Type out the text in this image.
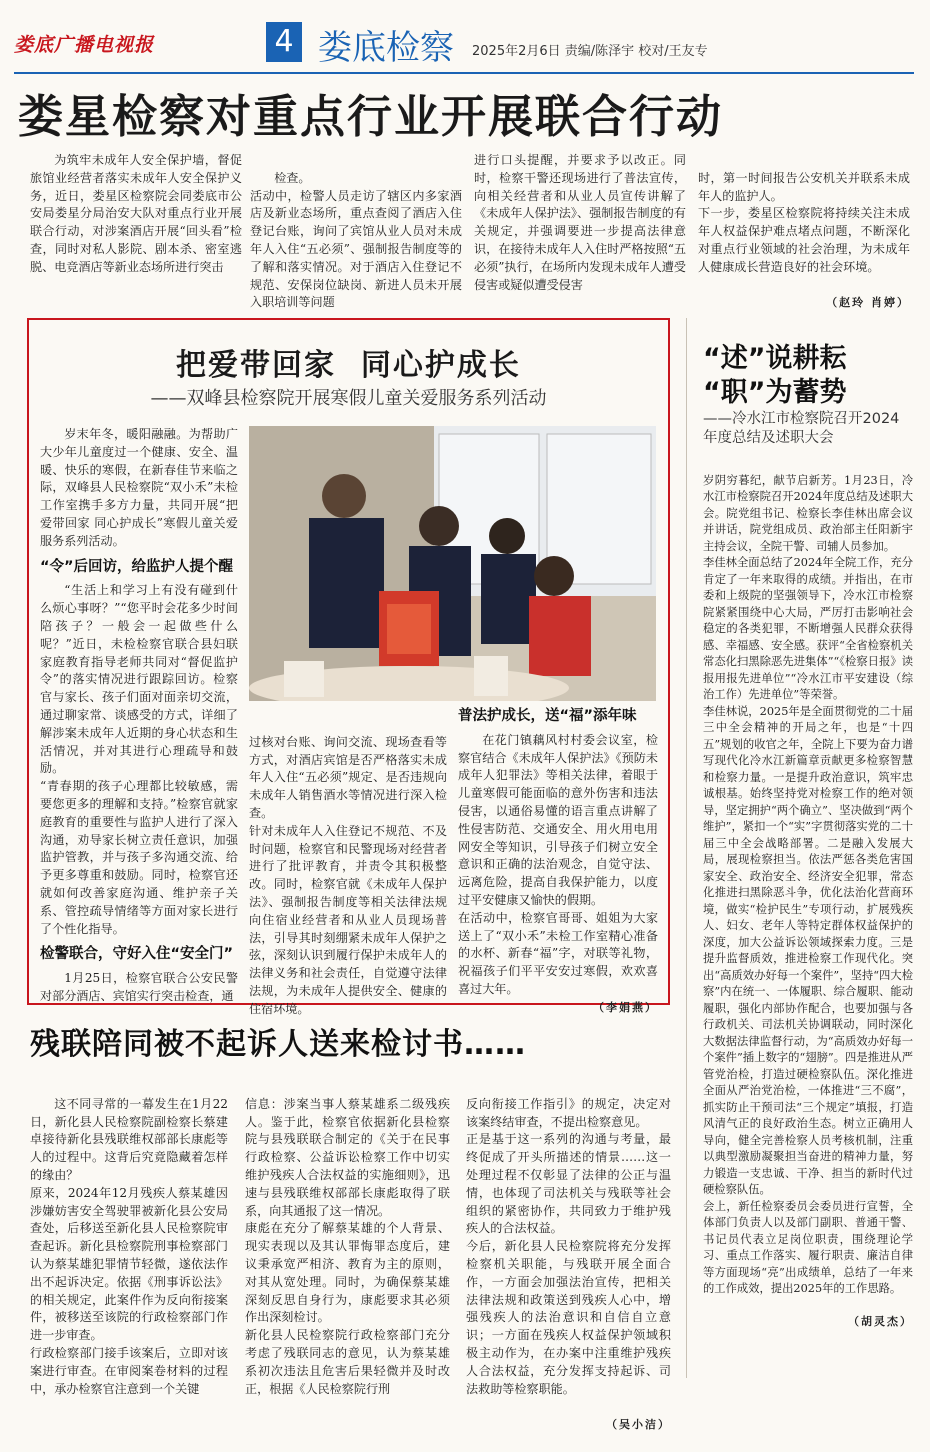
娄底广播电视报	4 娄底检察 2025年2月6日 责编/陈泽宇 校对/王友专
娄星检察对重点行业开展联合行动

为筑牢未成年人安全保护墙，督促旅馆业经营者落实未成年人安全保护义务，近日，娄星区检察院会同娄底市公安局娄星分局治安大队对重点行业开展联合行动，对涉案酒店开展“回头看”检查，同时对私人影院、剧本杀、密室逃脱、电竞酒店等新业态场所进行突击

检查。
活动中，检警人员走访了辖区内多家酒店及新业态场所，重点查阅了酒店入住登记台账，询问了宾馆从业人员对未成年人入住“五必须”、强制报告制度等的了解和落实情况。对于酒店入住登记不规范、安保岗位缺岗、新进人员未开展入职培训等问题

进行口头提醒，并要求予以改正。同时，检察干警还现场进行了普法宣传，向相关经营者和从业人员宣传讲解了《未成年人保护法》、强制报告制度的有关规定，并强调要进一步提高法律意识，在接待未成年人入住时严格按照“五必须”执行，在场所内发现未成年人遭受侵害或疑似遭受侵害

时，第一时间报告公安机关并联系未成年人的监护人。
下一步，娄星区检察院将持续关注未成年人权益保护难点堵点问题，不断深化对重点行业领域的社会治理，为未成年人健康成长营造良好的社会环境。

（赵玲 肖婷）

把爱带回家  同心护成长
——双峰县检察院开展寒假儿童关爱服务系列活动

岁末年冬，暖阳融融。为帮助广大少年儿童度过一个健康、安全、温暖、快乐的寒假，在新春佳节来临之际，双峰县人民检察院“双小禾”未检工作室携手多方力量，共同开展“把爱带回家 同心护成长”寒假儿童关爱服务系列活动。

“令”后回访，给监护人提个醒

“生活上和学习上有没有碰到什么烦心事呀？”“您平时会花多少时间陪孩子？一般会一起做些什么呢？”近日，未检检察官联合县妇联家庭教育指导老师共同对“督促监护令”的落实情况进行跟踪回访。检察官与家长、孩子们面对面亲切交流，通过聊家常、谈感受的方式，详细了解涉案未成年人近期的身心状态和生活情况，并对其进行心理疏导和鼓励。
“青春期的孩子心理都比较敏感，需要您更多的理解和支持。”检察官就家庭教育的重要性与监护人进行了深入沟通，劝导家长树立责任意识，加强监护管教，并与孩子多沟通交流、给予更多尊重和鼓励。同时，检察官还就如何改善家庭沟通、维护亲子关系、管控疏导情绪等方面对家长进行了个性化指导。

检警联合，守好入住“安全门”

1月25日，检察官联合公安民警对部分酒店、宾馆实行突击检查，通

过核对台账、询问交流、现场查看等方式，对酒店宾馆是否严格落实未成年人入住“五必须”规定、是否违规向未成年人销售酒水等情况进行深入检查。
针对未成年人入住登记不规范、不及时问题，检察官和民警现场对经营者进行了批评教育，并责令其积极整改。同时，检察官就《未成年人保护法》、强制报告制度等相关法律法规向住宿业经营者和从业人员现场普法，引导其时刻绷紧未成年人保护之弦，深刻认识到履行保护未成年人的法律义务和社会责任，自觉遵守法律法规，为未成年人提供安全、健康的住宿环境。

普法护成长，送“福”添年味

在花门镇藕风村村委会议室，检察官结合《未成年人保护法》《预防未成年人犯罪法》等相关法律，着眼于儿童寒假可能面临的意外伤害和违法侵害，以通俗易懂的语言重点讲解了性侵害防范、交通安全、用火用电用网安全等知识，引导孩子们树立安全意识和正确的法治观念，自觉守法、远离危险，提高自我保护能力，以度过平安健康又愉快的假期。
在活动中，检察官哥哥、姐姐为大家送上了“双小禾”未检工作室精心准备的水杯、新春“福”字，对联等礼物，祝福孩子们平平安安过寒假，欢欢喜喜过大年。

（李娟燕）
残联陪同被不起诉人送来检讨书……

这不同寻常的一幕发生在1月22日，新化县人民检察院副检察长蔡建卓接待新化县残联维权部部长康彪等人的过程中。这背后究竟隐藏着怎样的缘由？
原来，2024年12月残疾人蔡某雄因涉嫌妨害安全驾驶罪被新化县公安局查处，后移送至新化县人民检察院审查起诉。新化县检察院刑事检察部门认为蔡某雄犯罪情节轻微，遂依法作出不起诉决定。依据《刑事诉讼法》的相关规定，此案件作为反向衔接案件，被移送至该院的行政检察部门作进一步审查。
行政检察部门接手该案后，立即对该案进行审查。在审阅案卷材料的过程中，承办检察官注意到一个关键

信息：涉案当事人蔡某雄系二级残疾人。鉴于此，检察官依据新化县检察院与县残联联合制定的《关于在民事行政检察、公益诉讼检察工作中切实维护残疾人合法权益的实施细则》，迅速与县残联维权部部长康彪取得了联系，向其通报了这一情况。
康彪在充分了解蔡某雄的个人背景、现实表现以及其认罪悔罪态度后，建议秉承宽严相济、教育为主的原则，对其从宽处理。同时，为确保蔡某雄深刻反思自身行为，康彪要求其必须作出深刻检讨。
新化县人民检察院行政检察部门充分考虑了残联同志的意见，认为蔡某雄系初次违法且危害后果轻微并及时改正，根据《人民检察院行刑

反向衔接工作指引》的规定，决定对该案终结审查，不提出检察意见。
正是基于这一系列的沟通与考量，最终促成了开头所描述的情景……这一处理过程不仅彰显了法律的公正与温情，也体现了司法机关与残联等社会组织的紧密协作，共同致力于维护残疾人的合法权益。
今后，新化县人民检察院将充分发挥检察机关职能，与残联开展全面合作，一方面会加强法治宣传，把相关法律法规和政策送到残疾人心中，增强残疾人的法治意识和自信自立意识；一方面在残疾人权益保护领域积极主动作为，在办案中注重维护残疾人合法权益，充分发挥支持起诉、司法救助等检察职能。

（吴小洁）

“述”说耕耘
“职”为蓄势
——冷水江市检察院召开2024年度总结及述职大会

岁阴穷暮纪，献节启新芳。1月23日，冷水江市检察院召开2024年度总结及述职大会。院党组书记、检察长李佳林出席会议并讲话，院党组成员、政治部主任阳新宇主持会议，全院干警、司辅人员参加。
李佳林全面总结了2024年全院工作，充分肯定了一年来取得的成绩。并指出，在市委和上级院的坚强领导下，冷水江市检察院紧紧围绕中心大局，严厉打击影响社会稳定的各类犯罪，不断增强人民群众获得感、幸福感、安全感。获评“全省检察机关常态化扫黑除恶先进集体”“《检察日报》读报用报先进单位”“冷水江市平安建设（综治工作）先进单位”等荣誉。
李佳林说，2025年是全面贯彻党的二十届三中全会精神的开局之年，也是“十四五”规划的收官之年，全院上下要为奋力谱写现代化冷水江新篇章贡献更多检察智慧和检察力量。一是提升政治意识，筑牢忠诚根基。始终坚持党对检察工作的绝对领导，坚定拥护“两个确立”、坚决做到“两个维护”，紧扣一个“实”字贯彻落实党的二十届三中全会战略部署。二是融入发展大局，展现检察担当。依法严惩各类危害国家安全、政治安全、经济安全犯罪，常态化推进扫黑除恶斗争，优化法治化营商环境，做实“检护民生”专项行动，扩展残疾人、妇女、老年人等特定群体权益保护的深度，加大公益诉讼领域探索力度。三是提升监督质效，推进检察工作现代化。突出“高质效办好每一个案件”，坚持“四大检察”内在统一、一体履职、综合履职、能动履职，强化内部协作配合，也要加强与各行政机关、司法机关协调联动，同时深化大数据法律监督行动，为“高质效办好每一个案件”插上数字的“翅膀”。四是推进从严管党治检，打造过硬检察队伍。深化推进全面从严治党治检，一体推进“三不腐”，抓实防止干预司法“三个规定”填报，打造风清气正的良好政治生态。树立正确用人导向，健全完善检察人员考核机制，注重以典型激励凝聚担当奋进的精神力量，努力锻造一支忠诚、干净、担当的新时代过硬检察队伍。
会上，新任检察委员会委员进行宣誓，全体部门负责人以及部门副职、普通干警、书记员代表立足岗位职责，围绕理论学习、重点工作落实、履行职责、廉洁自律等方面现场“亮”出成绩单，总结了一年来的工作成效，提出2025年的工作思路。

（胡灵杰）
